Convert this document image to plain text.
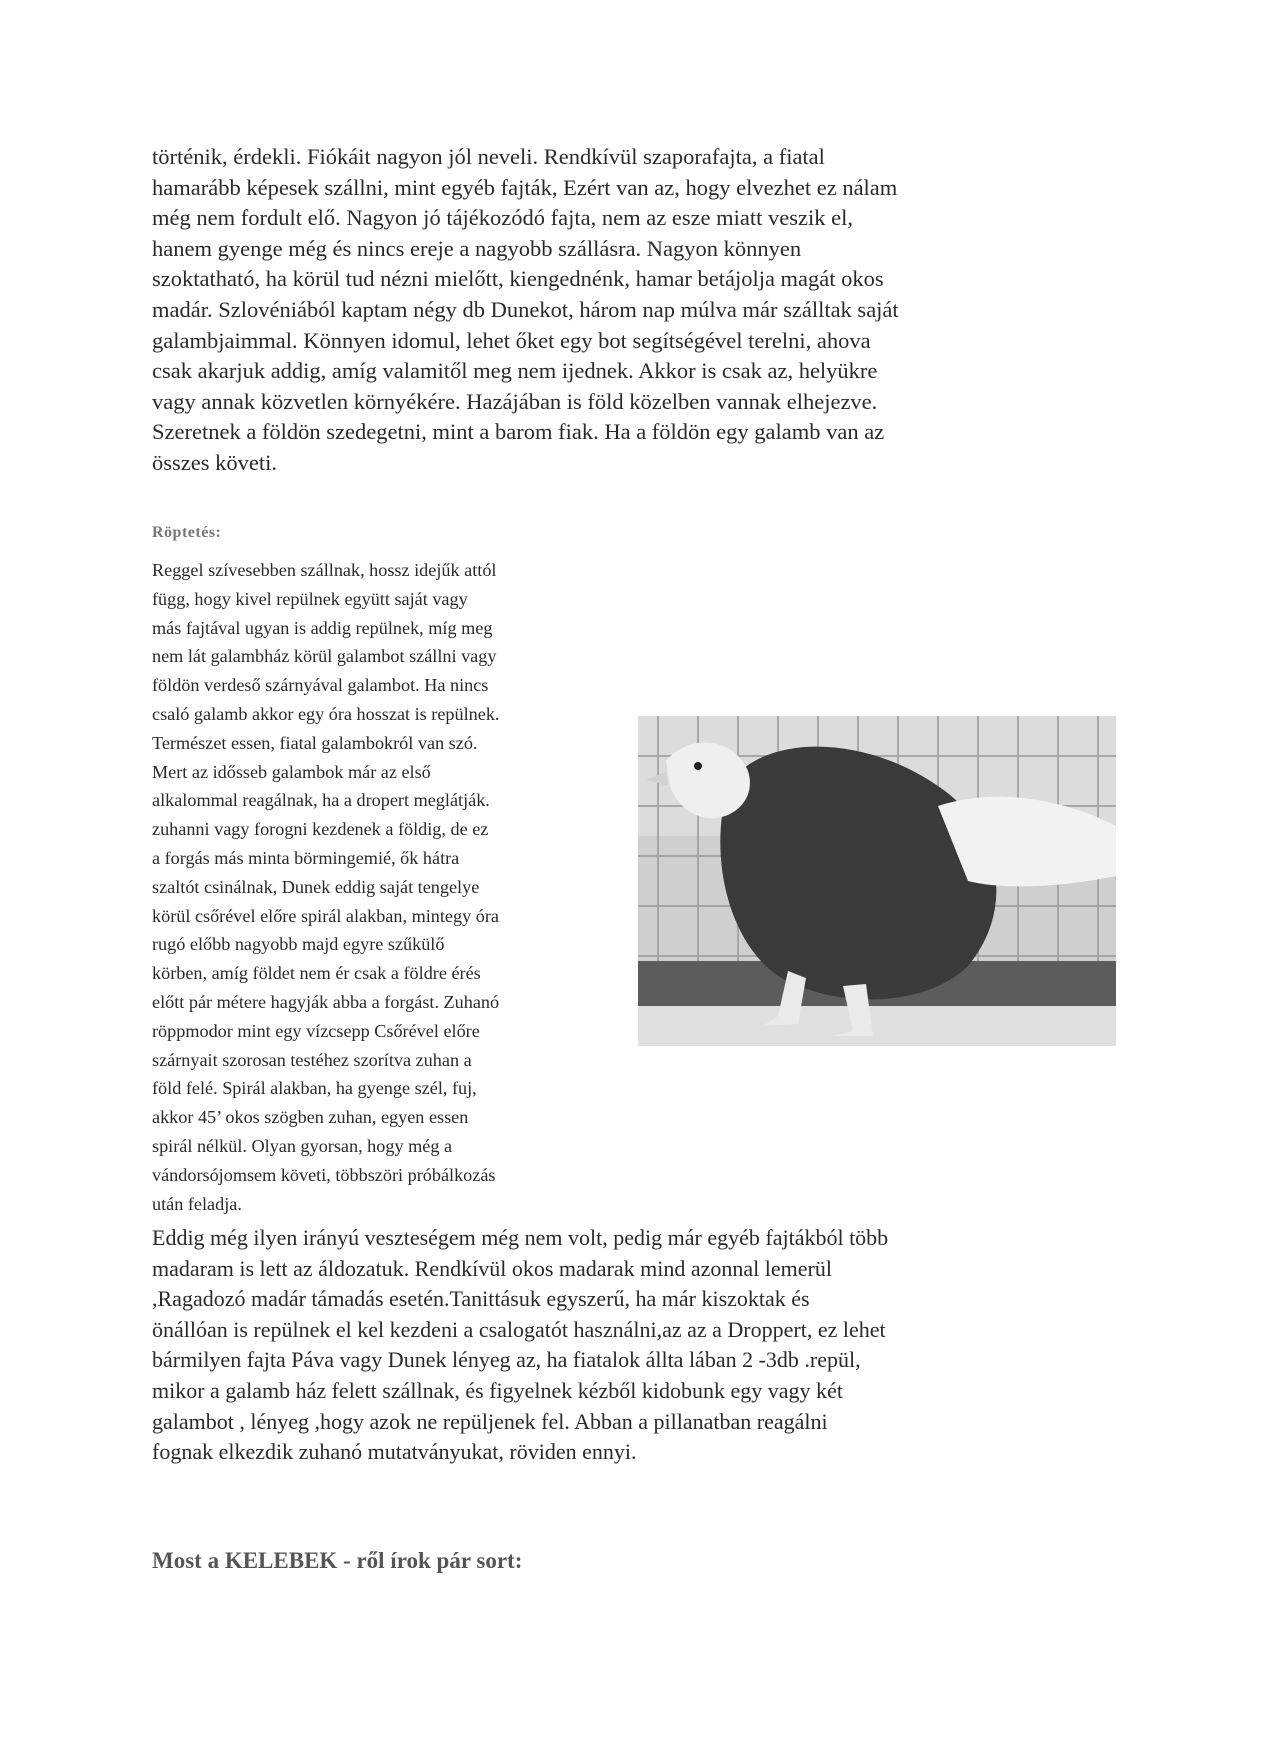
történik, érdekli. Fiókáit nagyon jól neveli. Rendkívül szaporafajta, a fiatal
hamarább képesek szállni, mint egyéb fajták, Ezért van az, hogy elvezhet ez nálam
még nem fordult elő. Nagyon jó tájékozódó fajta, nem az esze miatt veszik el,
hanem gyenge még és nincs ereje a nagyobb szállásra. Nagyon könnyen
szoktatható, ha körül tud nézni mielőtt, kiengednénk, hamar betájolja magát okos
madár. Szlovéniából kaptam négy db Dunekot, három nap múlva már szálltak saját
galambjaimmal. Könnyen idomul, lehet őket egy bot segítségével terelni, ahova
csak akarjuk addig, amíg valamitől meg nem ijednek. Akkor is csak az, helyükre
vagy annak közvetlen környékére. Hazájában is föld közelben vannak elhejezve.
Szeretnek a földön szedegetni, mint a barom fiak. Ha a földön egy galamb van az
összes követi.

Röptetés:

Reggel szívesebben szállnak, hossz idejűk attól
függ, hogy kivel repülnek együtt saját vagy
más fajtával ugyan is addig repülnek, míg meg
nem lát galambház körül galambot szállni vagy
földön verdeső szárnyával galambot. Ha nincs
csaló galamb akkor egy óra hosszat is repülnek.
Természet essen, fiatal galambokról van szó.
Mert az idősseb galambok már az első
alkalommal reagálnak, ha a dropert meglátják.
zuhanni vagy forogni kezdenek a földig, de ez
a forgás más minta börmingemié, ők hátra
szaltót csinálnak, Dunek eddig saját tengelye
körül csőrével előre spirál alakban, mintegy óra
rugó előbb nagyobb majd egyre szűkülő
körben, amíg földet nem ér csak a földre érés
előtt pár métere hagyják abba a forgást. Zuhanó
röppmodor mint egy vízcsepp Csőrével előre
szárnyait szorosan testéhez szorítva zuhan a
föld felé. Spirál alakban, ha gyenge szél, fuj,
akkor 45’ okos szögben zuhan, egyen essen
spirál nélkül. Olyan gyorsan, hogy még a
vándorsójomsem követi, többszöri próbálkozás
után feladja.

Eddig még ilyen irányú veszteségem még nem volt, pedig már egyéb fajtákból több
madaram is lett az áldozatuk. Rendkívül okos madarak mind azonnal lemerül
,Ragadozó madár támadás esetén.Tanittásuk egyszerű, ha már kiszoktak és
önállóan is repülnek el kel kezdeni a csalogatót használni,az az a Droppert, ez lehet
bármilyen fajta Páva vagy Dunek lényeg az, ha fiatalok állta lában 2 -3db .repül,
mikor a galamb ház felett szállnak, és figyelnek kézből kidobunk egy vagy két
galambot , lényeg ,hogy azok ne repüljenek fel. Abban a pillanatban reagálni
fognak elkezdik zuhanó mutatványukat, röviden ennyi.

Most a KELEBEK - ről írok pár sort:
